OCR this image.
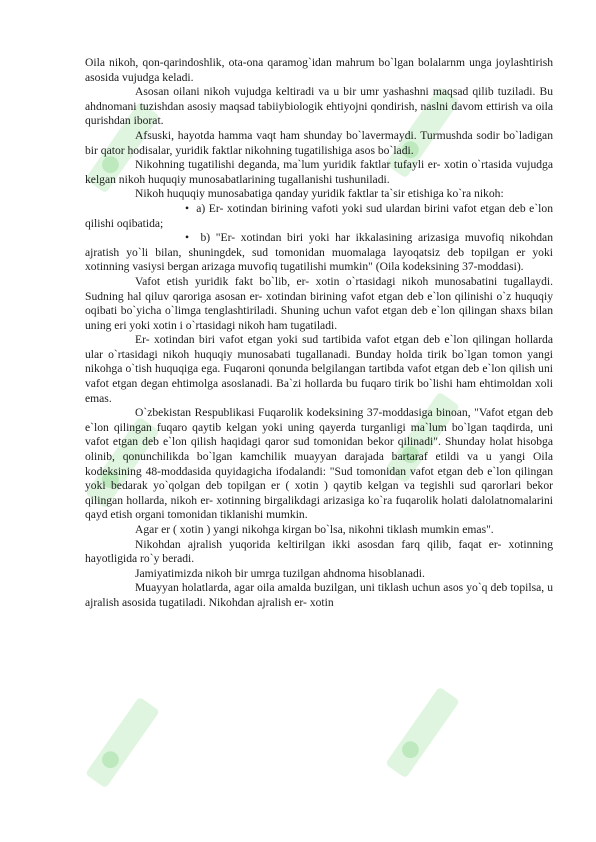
Oila nikoh, qon-qarindoshlik, ota-ona qaramog`idan mahrum bo`lgan bolalarnm unga joylashtirish asosida vujudga keladi.

Asosan oilani nikoh vujudga keltiradi va u bir umr yashashni maqsad qilib tuziladi. Bu ahdnomani tuzishdan asosiy maqsad tabiiybiologik ehtiyojni qondirish, naslni davom ettirish va oila qurishdan iborat.

Afsuski, hayotda hamma vaqt ham shunday bo`lavermaydi. Turmushda sodir bo`ladigan bir qator hodisalar, yuridik faktlar nikohning tugatilishiga asos bo`ladi.

Nikohning tugatilishi deganda, ma`lum yuridik faktlar tufayli er- xotin o`rtasida vujudga kelgan nikoh huquqiy munosabatlarining tugallanishi tushuniladi.

Nikoh huquqiy munosabatiga qanday yuridik faktlar ta`sir etishiga ko`ra nikoh:

• a) Er- xotindan birining vafoti yoki sud ulardan birini vafot etgan deb e`lon qilishi oqibatida;

• b) "Er- xotindan biri yoki har ikkalasining arizasiga muvofiq nikohdan ajratish yo`li bilan, shuningdek, sud tomonidan muomalaga layoqatsiz deb topilgan er yoki xotinning vasiysi bergan arizaga muvofiq tugatilishi mumkin" (Oila kodeksining 37-moddasi).

Vafot etish yuridik fakt bo`lib, er- xotin o`rtasidagi nikoh munosabatini tugallaydi. Sudning hal qiluv qaroriga asosan er- xotindan birining vafot etgan deb e`lon qilinishi o`z huquqiy oqibati bo`yicha o`limga tenglashtiriladi. Shuning uchun vafot etgan deb e`lon qilingan shaxs bilan uning eri yoki xotin i o`rtasidagi nikoh ham tugatiladi.

Er- xotindan biri vafot etgan yoki sud tartibida vafot etgan deb e`lon qilingan hollarda ular o`rtasidagi nikoh huquqiy munosabati tugallanadi. Bunday holda tirik bo`lgan tomon yangi nikohga o`tish huquqiga ega. Fuqaroni qonunda belgilangan tartibda vafot etgan deb e`lon qilish uni vafot etgan degan ehtimolga asoslanadi. Ba`zi hollarda bu fuqaro tirik bo`lishi ham ehtimoldan xoli emas.

O`zbekistan Respublikasi Fuqarolik kodeksining 37-moddasiga binoan, "Vafot etgan deb e`lon qilingan fuqaro qaytib kelgan yoki uning qayerda turganligi ma`lum bo`lgan taqdirda, uni vafot etgan deb e`lon qilish haqidagi qaror sud tomonidan bekor qilinadi". Shunday holat hisobga olinib, qonunchilikda bo`lgan kamchilik muayyan darajada bartaraf etildi va u yangi Oila kodeksining 48-moddasida quyidagicha ifodalandi: "Sud tomonidan vafot etgan deb e`lon qilingan yoki bedarak yo`qolgan deb topilgan er ( xotin ) qaytib kelgan va tegishli sud qarorlari bekor qilingan hollarda, nikoh er- xotinning birgalikdagi arizasiga ko`ra fuqarolik holati dalolatnomalarini qayd etish organi tomonidan tiklanishi mumkin.

Agar er ( xotin ) yangi nikohga kirgan bo`lsa, nikohni tiklash mumkin emas".

Nikohdan ajralish yuqorida keltirilgan ikki asosdan farq qilib, faqat er- xotinning hayotligida ro`y beradi.

Jamiyatimizda nikoh bir umrga tuzilgan ahdnoma hisoblanadi.

Muayyan holatlarda, agar oila amalda buzilgan, uni tiklash uchun asos yo`q deb topilsa, u ajralish asosida tugatiladi. Nikohdan ajralish er- xotin
